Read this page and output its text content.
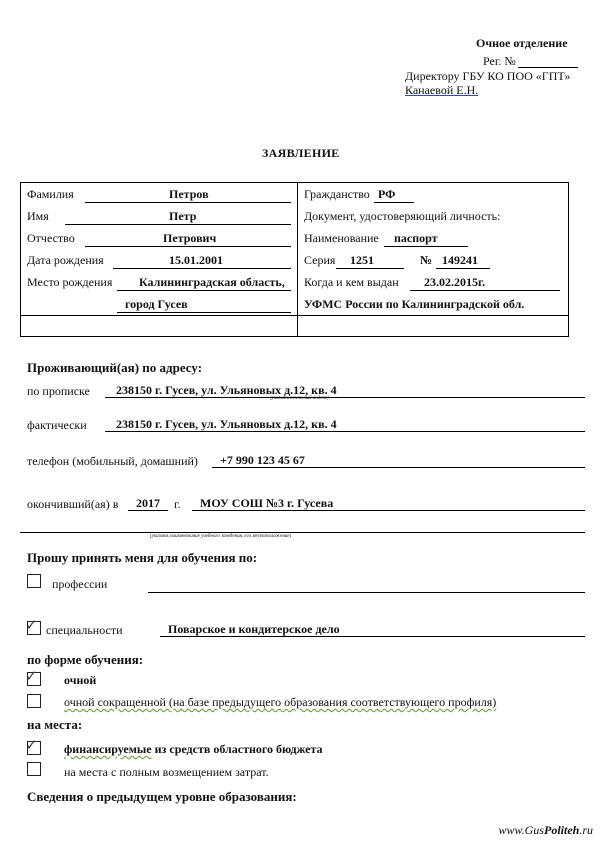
Очное отделение
Рег. №
Директору ГБУ КО ПОО «ГПТ»
Канаевой Е.Н.
ЗАЯВЛЕНИЕ
Фамилия Петров	Гражданство РФ

Имя Петр	Документ, удостоверяющий личность:

Отчество Петрович	Наименование паспорт

Дата рождения 15.01.2001	Серия 1251 № 149241

Место рождения Калининградская область,	Когда и кем выдан 23.02.2015г.

город Гусев	УФМС России по Калининградской обл.

Проживающий(ая) по адресу:
по прописке 238150 г. Гусев, ул. Ульяновых д.12, кв. 4
(указать почтовый индекс)
фактически 238150 г. Гусев, ул. Ульяновых д.12, кв. 4
телефон (мобильный, домашний) +7 990 123 45 67
окончивший(ая) в 2017 г. МОУ СОШ №3 г. Гусева
(указать наименование учебного заведения, его местоположение)
Прошу принять меня для обучения по:
профессии
✓ специальности	Поварское и кондитерское дело
по форме обучения:
✓ очной
очной сокращенной (на базе предыдущего образования соответствующего профиля)
на места:
✓ финансируемые из средств областного бюджета
на места с полным возмещением затрат.
Сведения о предыдущем уровне образования:
www.GusPoliteh.ru
